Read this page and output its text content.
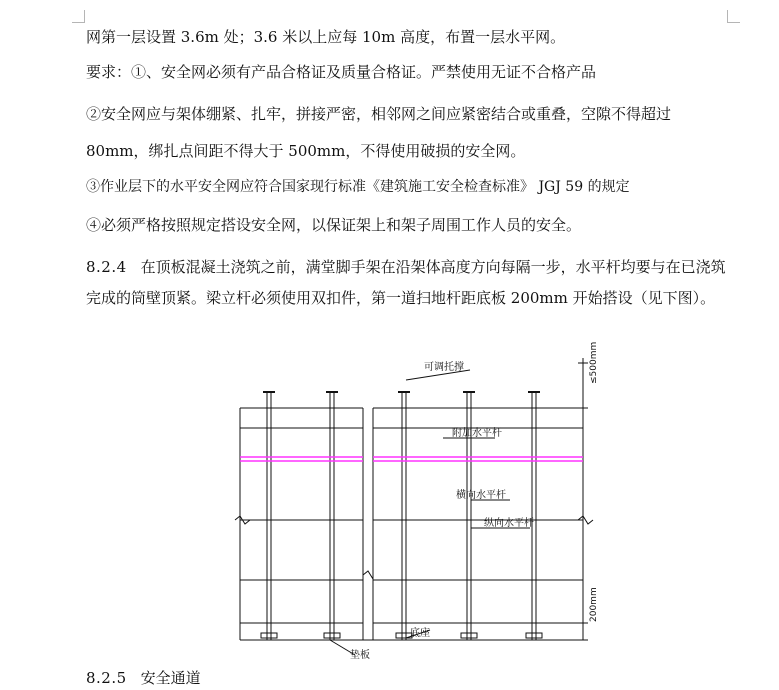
网第一层设置 3.6m 处；3.6 米以上应每 10m 高度，布置一层水平网。
要求：①、安全网必须有产品合格证及质量合格证。严禁使用无证不合格产品
②安全网应与架体绷紧、扎牢，拼接严密，相邻网之间应紧密结合或重叠，空隙不得超过
80mm，绑扎点间距不得大于 500mm，不得使用破损的安全网。
③作业层下的水平安全网应符合国家现行标准《建筑施工安全检查标准》 JGJ 59 的规定
④必须严格按照规定搭设安全网，以保证架上和架子周围工作人员的安全。
8.2.4 在顶板混凝土浇筑之前，满堂脚手架在沿架体高度方向每隔一步，水平杆均要与在已浇筑完成的筒壁顶紧。梁立杆必须使用双扣件，第一道扫地杆距底板 200mm 开始搭设（见下图）。
可调托撑
附加水平杆
横向水平杆
纵向水平杆
底座
垫板
≤500mm
200mm
8.2.5 安全通道
